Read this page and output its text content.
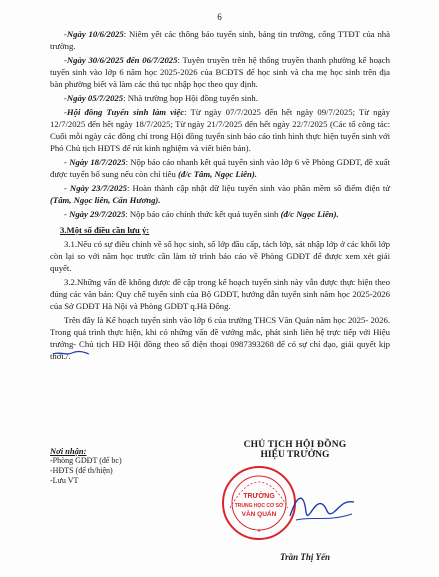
6

-Ngày 10/6/2025: Niêm yết các thông báo tuyển sinh, bảng tin trường, cổng TTĐT của nhà trường.

-Ngày 30/6/2025 đến 06/7/2025: Tuyên truyền trên hệ thống truyền thanh phường kế hoạch tuyển sinh vào lớp 6 năm học 2025-2026 của BCĐTS để học sinh và cha mẹ học sinh trên địa bàn phường biết và làm các thủ tục nhập học theo quy định.

-Ngày 05/7/2025: Nhà trường họp Hội đồng tuyển sinh.

-Hội đồng Tuyển sinh làm việc: Từ ngày 07/7/2025 đến hết ngày 09/7/2025; Từ ngày 12/7/2025 đến hết ngày 18/7/2025; Từ ngày 21/7/2025 đến hết ngày 22/7/2025 (Các tổ công tác: Cuối mỗi ngày các đồng chí trong Hội đồng tuyển sinh báo cáo tình hình thực hiện tuyển sinh với Phó Chủ tịch HĐTS để rút kinh nghiệm và viết biên bản).

- Ngày 18/7/2025: Nộp báo cáo nhanh kết quả tuyển sinh vào lớp 6 về Phòng GDĐT, đề xuất được tuyển bổ sung nếu còn chỉ tiêu (đ/c Tâm, Ngọc Liên).

- Ngày 23/7/2025: Hoàn thành cập nhật dữ liệu tuyển sinh vào phần mềm số điểm điện tử (Tâm, Ngọc liên, Cẩn Hương).

- Ngày 29/7/2025: Nộp báo cáo chính thức kết quả tuyển sinh (đ/c Ngọc Liên).

3.Một số điều cần lưu ý:

3.1.Nếu có sự điều chỉnh về số học sinh, số lớp đầu cấp, tách lớp, sát nhập lớp ở các khối lớp còn lại so với năm học trước cần làm tờ trình báo cáo về Phòng GDĐT để được xem xét giải quyết.

3.2.Những vấn đề không được đề cập trong kế hoạch tuyển sinh này vẫn được thực hiện theo đúng các văn bản: Quy chế tuyển sinh của Bộ GDĐT, hướng dẫn tuyển sinh năm học 2025-2026 của Sở GDĐT Hà Nội và Phòng GDĐT q.Hà Đông.

Trên đây là Kế hoạch tuyển sinh vào lớp 6 của trường THCS Văn Quán năm học 2025- 2026. Trong quá trình thực hiện, khi có những vấn đề vướng mắc, phát sinh liên hệ trực tiếp với Hiệu trưởng- Chủ tịch HĐ Hội đồng theo số điện thoại 0987393268 để có sự chỉ đạo, giải quyết kịp thời./.

Nơi nhận:
-Phòng GDĐT (để bc)
-HĐTS (để th/hiện)
-Lưu VT
CHỦ TỊCH HỘI ĐỒNG
HIỆU TRƯỞNG
TRƯỜNG
TRUNG HỌC CƠ SỞ
VĂN QUÁN
★
Trần Thị Yến
